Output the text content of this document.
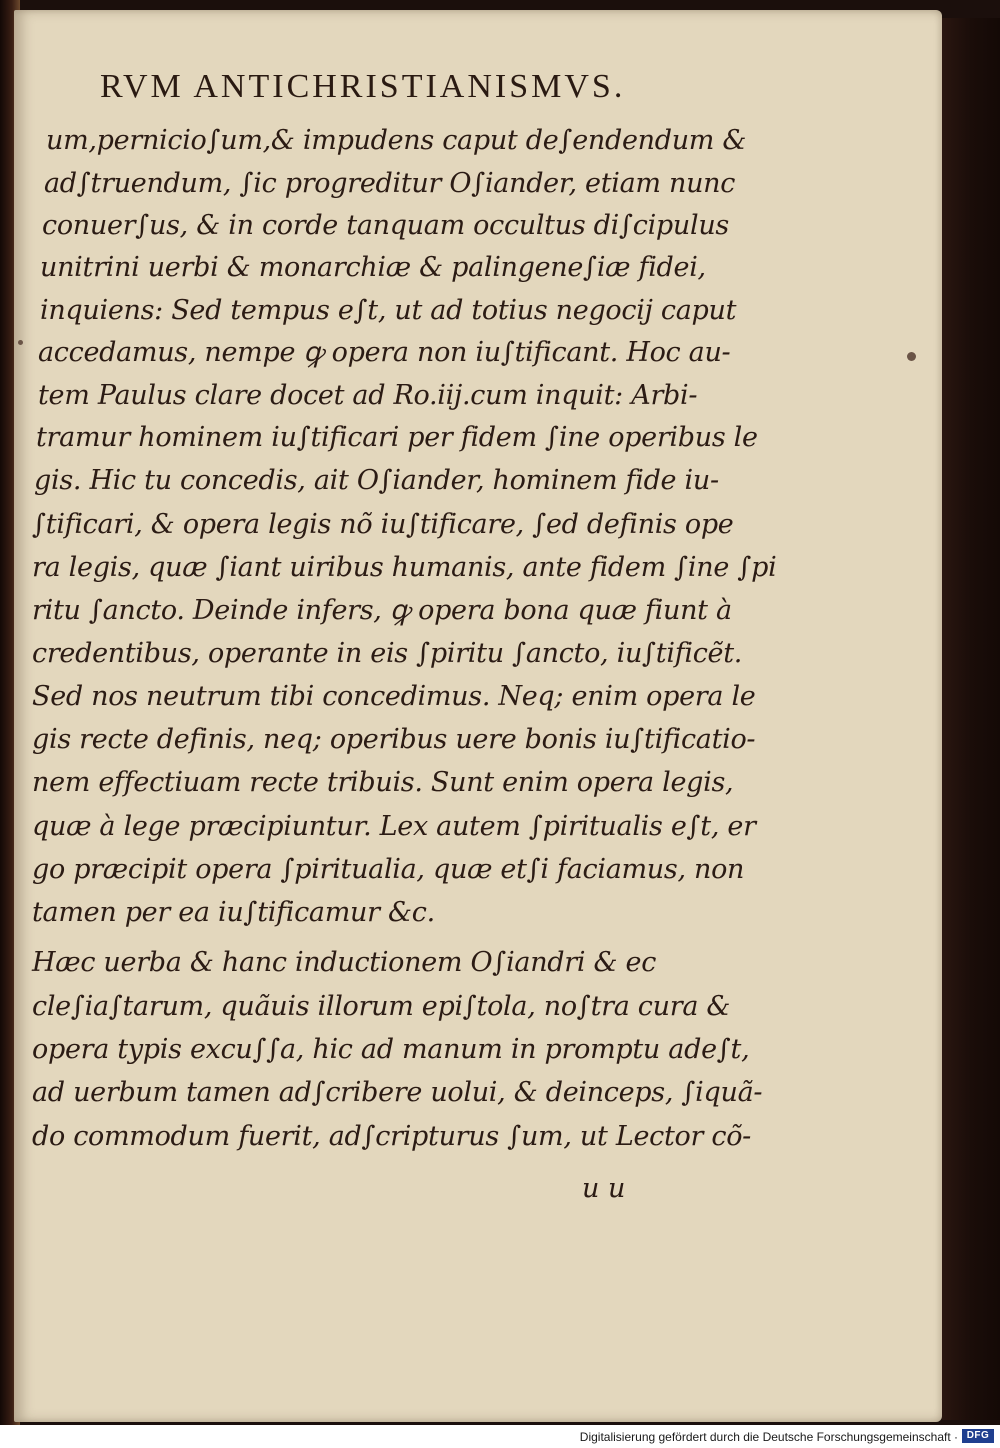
RVM ANTICHRISTIANISMVS.
um,pernicio∫um,& impudens caput de∫endendum &
ad∫truendum, ∫ic progreditur O∫iander, etiam nunc
conuer∫us, & in corde tanquam occultus di∫cipulus
unitrini uerbi & monarchiæ & palingene∫iæ fidei,
inquiens: Sed tempus e∫t, ut ad totius negocij caput
accedamus, nempe ꝙ opera non iu∫tificant. Hoc au-
tem Paulus clare docet ad Ro.iij.cum inquit: Arbi-
tramur hominem iu∫tificari per fidem ∫ine operibus le
gis. Hic tu concedis, ait O∫iander, hominem fide iu-
∫tificari, & opera legis nõ iu∫tificare, ∫ed definis ope
ra legis, quæ ∫iant uiribus humanis, ante fidem ∫ine ∫pi
ritu ∫ancto. Deinde infers, ꝙ opera bona quæ fiunt à
credentibus, operante in eis ∫piritu ∫ancto, iu∫tificẽt.
Sed nos neutrum tibi concedimus. Neq; enim opera le
gis recte definis, neq; operibus uere bonis iu∫tificatio-
nem effectiuam recte tribuis. Sunt enim opera legis,
quæ à lege præcipiuntur. Lex autem ∫piritualis e∫t, er
go præcipit opera ∫piritualia, quæ et∫i faciamus, non
tamen per ea iu∫tificamur &c.
Hæc uerba & hanc inductionem O∫iandri & ec
cle∫ia∫tarum, quãuis illorum epi∫tola, no∫tra cura &
opera typis excu∫∫a, hic ad manum in promptu ade∫t,
ad uerbum tamen ad∫cribere uolui, & deinceps, ∫iquã-
do commodum fuerit, ad∫cripturus ∫um, ut Lector cõ-
u u
Digitalisierung gefördert durch die Deutsche Forschungsgemeinschaft · DFG
